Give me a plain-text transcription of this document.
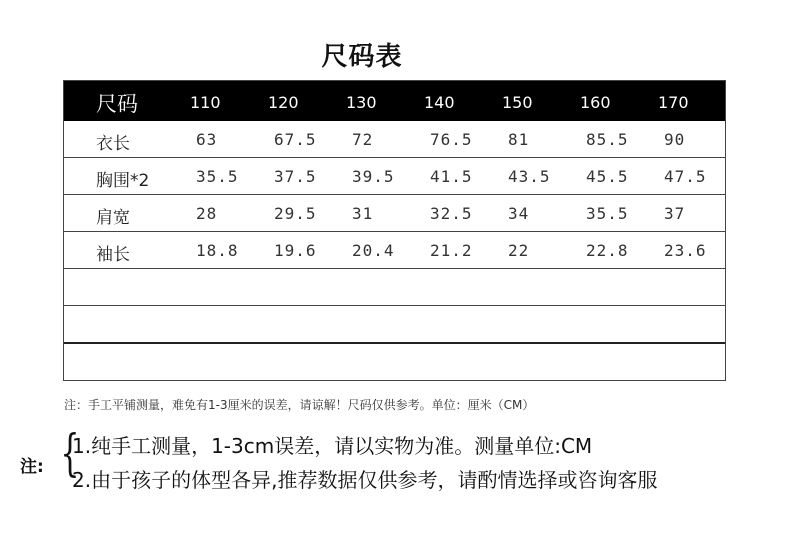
尺码表
尺码	110	120	130	140	150	160	170
衣长	63	67.5 72	76.5 81	85.5 90
胸围*2	35.5 37.5 39.5 41.5 43.5 45.5 47.5
肩宽	28	29.5 31	32.5 34	35.5 37
袖长	18.8 19.6 20.4 21.2 22	22.8 23.6
注：手工平铺测量，难免有1-3厘米的误差，请谅解！尺码仅供参考。单位：厘米（CM）
注: {
1.纯手工测量，1-3cm误差，请以实物为准。测量单位:CM
2.由于孩子的体型各异,推荐数据仅供参考，请酌情选择或咨询客服
